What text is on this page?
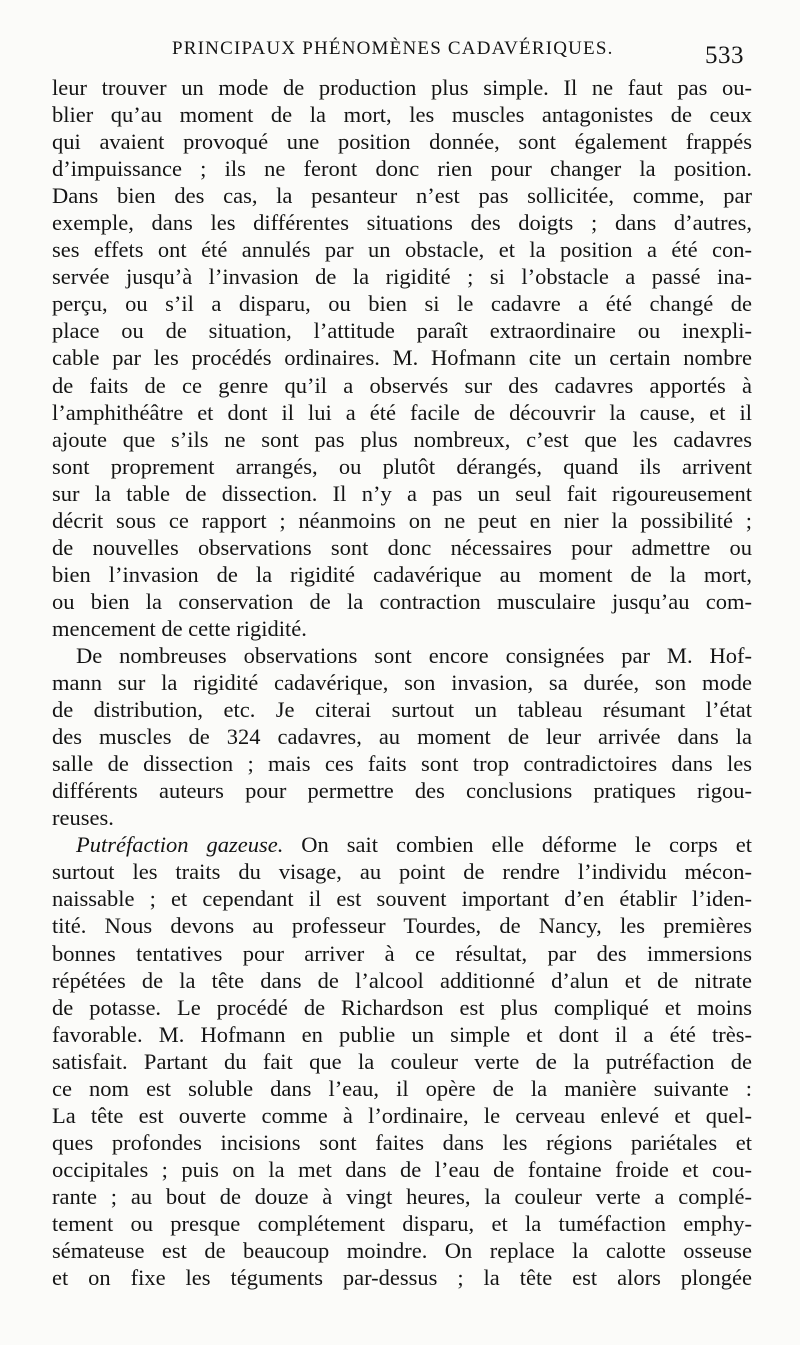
PRINCIPAUX PHÉNOMÈNES CADAVÉRIQUES.	533
leur trouver un mode de production plus simple. Il ne faut pas ou-
blier qu’au moment de la mort, les muscles antagonistes de ceux
qui avaient provoqué une position donnée, sont également frappés
d’impuissance ; ils ne feront donc rien pour changer la position.
Dans bien des cas, la pesanteur n’est pas sollicitée, comme, par
exemple, dans les différentes situations des doigts ; dans d’autres,
ses effets ont été annulés par un obstacle, et la position a été con-
servée jusqu’à l’invasion de la rigidité ; si l’obstacle a passé ina-
perçu, ou s’il a disparu, ou bien si le cadavre a été changé de
place ou de situation, l’attitude paraît extraordinaire ou inexpli-
cable par les procédés ordinaires. M. Hofmann cite un certain nombre
de faits de ce genre qu’il a observés sur des cadavres apportés à
l’amphithéâtre et dont il lui a été facile de découvrir la cause, et il
ajoute que s’ils ne sont pas plus nombreux, c’est que les cadavres
sont proprement arrangés, ou plutôt dérangés, quand ils arrivent
sur la table de dissection. Il n’y a pas un seul fait rigoureusement
décrit sous ce rapport ; néanmoins on ne peut en nier la possibilité ;
de nouvelles observations sont donc nécessaires pour admettre ou
bien l’invasion de la rigidité cadavérique au moment de la mort,
ou bien la conservation de la contraction musculaire jusqu’au com-
mencement de cette rigidité.
De nombreuses observations sont encore consignées par M. Hof-
mann sur la rigidité cadavérique, son invasion, sa durée, son mode
de distribution, etc. Je citerai surtout un tableau résumant l’état
des muscles de 324 cadavres, au moment de leur arrivée dans la
salle de dissection ; mais ces faits sont trop contradictoires dans les
différents auteurs pour permettre des conclusions pratiques rigou-
reuses.
Putréfaction gazeuse. On sait combien elle déforme le corps et
surtout les traits du visage, au point de rendre l’individu mécon-
naissable ; et cependant il est souvent important d’en établir l’iden-
tité. Nous devons au professeur Tourdes, de Nancy, les premières
bonnes tentatives pour arriver à ce résultat, par des immersions
répétées de la tête dans de l’alcool additionné d’alun et de nitrate
de potasse. Le procédé de Richardson est plus compliqué et moins
favorable. M. Hofmann en publie un simple et dont il a été très-
satisfait. Partant du fait que la couleur verte de la putréfaction de
ce nom est soluble dans l’eau, il opère de la manière suivante :
La tête est ouverte comme à l’ordinaire, le cerveau enlevé et quel-
ques profondes incisions sont faites dans les régions pariétales et
occipitales ; puis on la met dans de l’eau de fontaine froide et cou-
rante ; au bout de douze à vingt heures, la couleur verte a complé-
tement ou presque complétement disparu, et la tuméfaction emphy-
sémateuse est de beaucoup moindre. On replace la calotte osseuse
et on fixe les téguments par-dessus ; la tête est alors plongée
